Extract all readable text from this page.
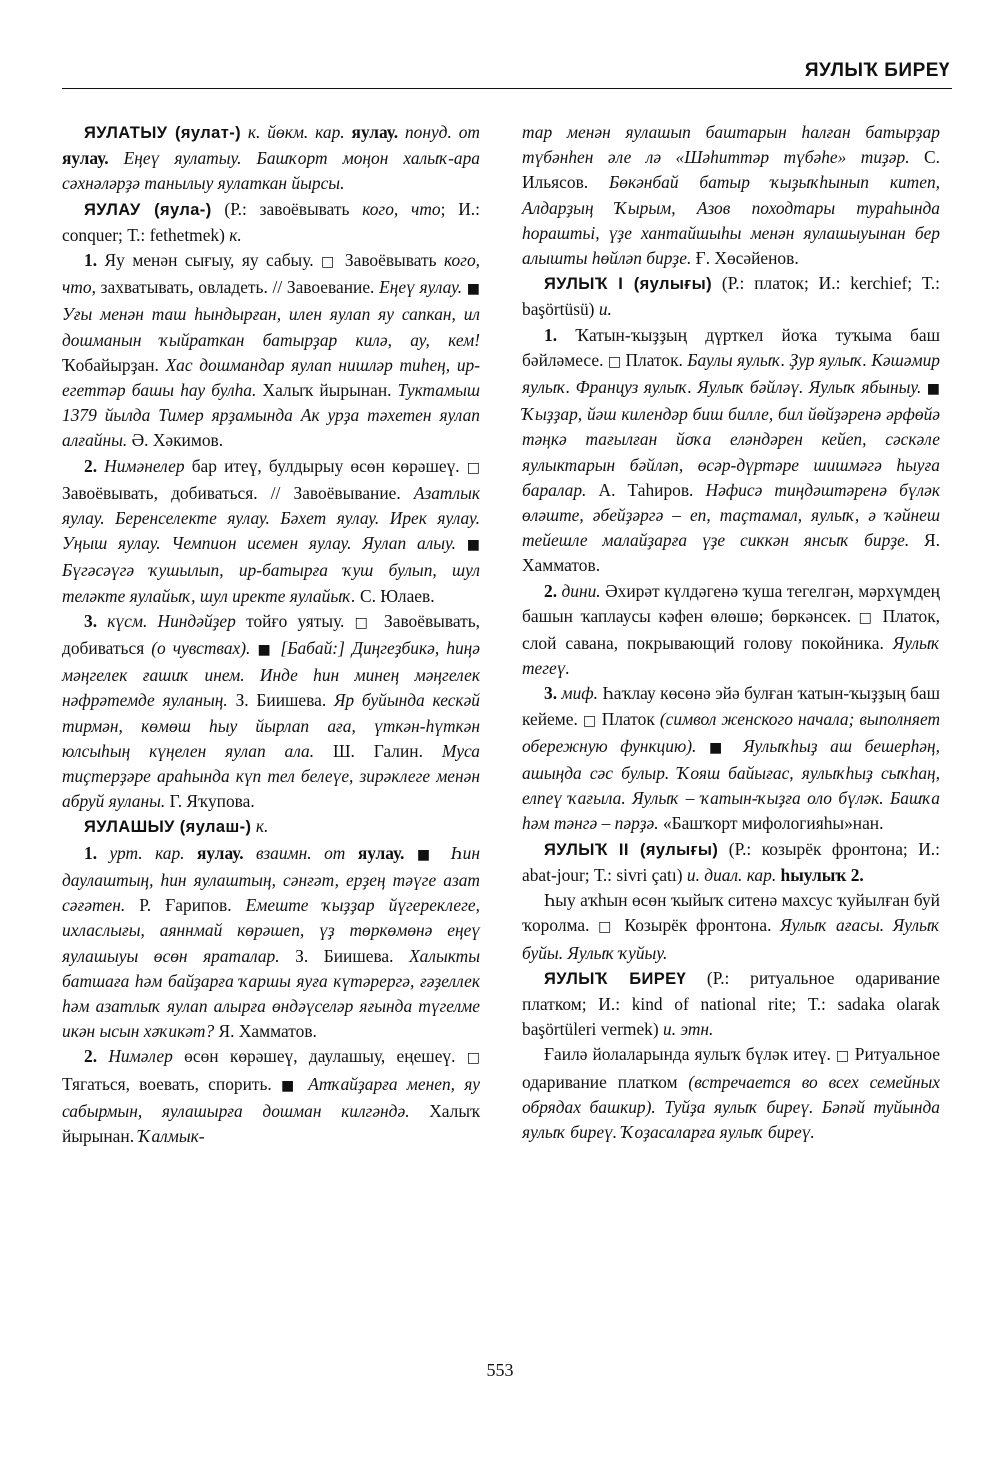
ЯУЛЫҠ БИРЕҮ

ЯУЛАТЫУ (яулат-) к. йөкм. кар. яулау. понуд. от яулау. Еңеү яулатыу. Башҡорт моңон халыҡ-ара сәхнәләрҙә танылыу яулаткан йырсы.

ЯУЛАУ (яула-) (Р.: завоёвывать кого, что; И.: conquer; Т.: fethetmek) к.

1. Яу менән сығыу, яу сабыу. □ Завоёвывать кого, что, захватывать, овладеть. // Завоевание. Еңеү яулау. ■ Уғы менән таш һындырған, илен яулап яу сапкан, ил дошманын ҡыйраткан батырҙар килә, ау, кем! Ҡобайырҙан. Хас дошмандар яулап нишләр тиһең, ир-егеттәр башы һау булһа. Халыҡ йырынан. Туктамыш 1379 йылда Тимер ярҙамында Ак урҙа тәхетен яулап алғайны. Ә. Хәкимов.

2. Нимәнелер бар итеү, булдырыу өсөн көрәшеү. □ Завоёвывать, добиваться. // Завоёвывание. Азатлык яулау. Беренселекте яулау. Бәхет яулау. Ирек яулау. Уңыш яулау. Чемпион исемен яулау. Яулап алыу. ■ Бүгәсәүгә ҡушылып, ир-батырға ҡуш булып, шул теләкте яулайыҡ, шул иректе яулайыҡ. С. Юлаев.

3. күсм. Ниндәйҙер тойғо уятыу. □ Завоёвывать, добиваться (о чувствах). ■ [Бабай:] Диңгеҙбикә, һиңә мәңгелек ғашиҡ инем. Инде һин минең мәңгелек нәфрәтемде яуланың. З. Биишева. Яр буйында кескәй тирмән, көмөш һыу йырлап аға, үткән-һүткән юлсыһың күңелен яулап ала. Ш. Галин. Муса тиҫтерҙәре араһында күп тел белеүе, зирәклеге менән абруй яуланы. Г. Яҡупова.

ЯУЛАШЫУ (яулаш-) к.

1. урт. кар. яулау. взаимн. от яулау. ■ Һин даулаштың, һин яулаштың, сәнғәт, ерҙең тәүге азат сәғәтен. Р. Ғарипов. Емеште ҡыҙҙар йүгереклеге, ихласлығы, аяннмай көрәшеп, үҙ төркөмөнә еңеү яулашыуы өсөн яраталар. З. Биишева. Халыкты батшаға һәм байҙарға ҡаршы яуға күтәрергә, ғәҙеллек һәм азатлыҡ яулап алырға өндәүселәр яғында түгелме икән ысын хәҡикәт? Я. Хамматов.

2. Нимәлер өсөн көрәшеү, даулашыу, еңешеү. □ Тягаться, воевать, спорить. ■ Атҡайҙарға менеп, яу сабырмын, яулашырға дошман килгәндә. Халыҡ йырынан. Ҡалмык-

тар менән яулашып баштарын һалған батырҙар түбәнһен әле лә «Шәһиттәр түбәһе» тиҙәр. С. Ильясов. Бөкәнбай батыр ҡыҙыҡһынып китеп, Алдарҙың Ҡырым, Азов походтары тураһында һораштьі, үҙе хантайшыһы менән яулашыуынан бер алышты һөйләп бирҙе. Ғ. Хөсәйенов.

ЯУЛЫҠ I (яулығы) (Р.: платок; И.: kerchief; Т.: başörtüsü) и.

1. Ҡатын-ҡыҙҙың дүрткел йоҡа туҡыма баш бәйләмесе. □ Платок. Баулы яулыҡ. Ҙур яулыҡ. Кәшәмир яулыҡ. Француз яулыҡ. Яулыҡ бәйләү. Яулыҡ ябыныу. ■ Ҡыҙҙар, йәш килендәр биш билле, бил йөйҙәренә әрфөйә тәңкә тағылған йоҡа елəндәрен кейеп, сәскәле яулыктарын бәйләп, өсәр-дүртәре шишмәгә һыуға баралар. А. Таһиров. Нәфисә тиңдәштәренә бүләк өләште, әбейҙәргә – еп, таҫтамал, яулыҡ, ә ҡәйнеш тейешле малайҙарға үҙе сиккән янсыҡ бирҙе. Я. Хамматов.

2. дини. Әхирәт күлдәгенә ҡуша тегелгән, мәрхүмдең башын ҡаплаусы кәфен өлөшө; бөркәнсек. □ Платок, слой савана, покрывающий голову покойника. Яулыҡ тегеү.

3. миф. Һаҡлау көсөнә эйә булған ҡатын-ҡыҙҙың баш кейеме. □ Платок (символ женского начала; выполняет обережную функцию). ■ Яулыҡһыҙ аш бешерһәң, ашыңда сәс булыр. Ҡояш байығас, яулыҡһыҙ сыҡһаң, елпеү ҡағыла. Яулыҡ – ҡатын-ҡыҙға оло бүләк. Башҡа һәм тәнгә – пәрҙә. «Башҡорт мифологияһы»нан.

ЯУЛЫҠ II (яулығы) (Р.: козырёк фронтона; И.: abat-jour; Т.: sivri çatı) и. диал. кар. һыулыҡ 2.

Һыу аҡһын өсөн ҡыйыҡ ситенә махсус ҡуйылған буй ҡоролма. □ Козырёк фронтона. Яулыҡ ағасы. Яулыҡ буйы. Яулыҡ ҡуйыу.

ЯУЛЫҠ БИРЕҮ (Р.: ритуальное одаривание платком; И.: kind of national rite; Т.: sadaka olarak başörtüleri vermek) и. этн.

Ғаилә йолаларында яулыҡ бүләк итеү. □ Ритуальное одаривание платком (встречается во всех семейных обрядах башкир). Туйҙа яулыҡ биреү. Бәпәй туйында яулыҡ биреү. Ҡоҙасаларға яулыҡ биреү.

553
